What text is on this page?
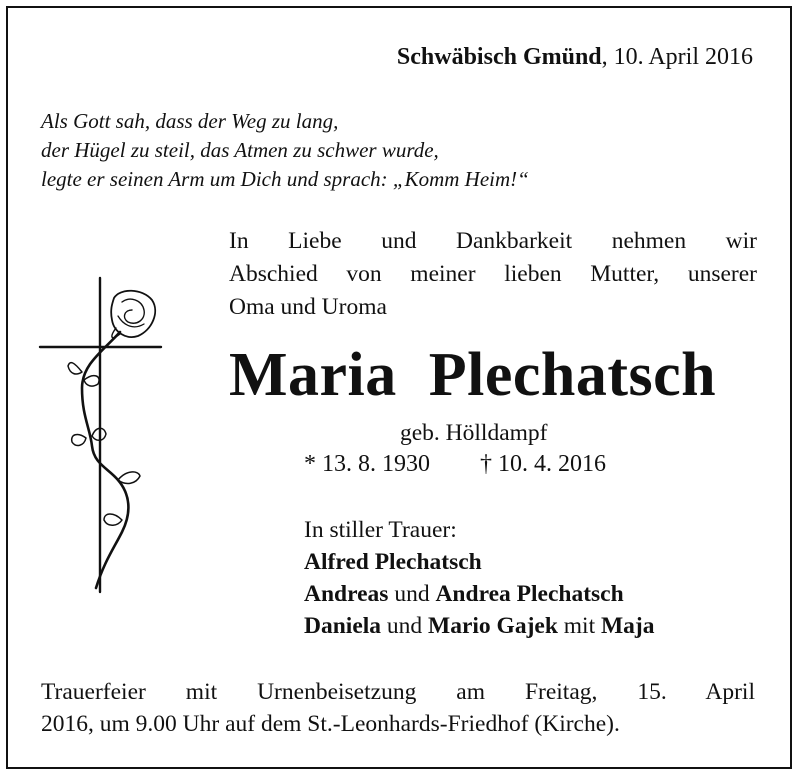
Schwäbisch Gmünd, 10. April 2016
Als Gott sah, dass der Weg zu lang,
der Hügel zu steil, das Atmen zu schwer wurde,
legte er seinen Arm um Dich und sprach: „Komm Heim!“
In Liebe und Dankbarkeit nehmen wir
Abschied von meiner lieben Mutter, unserer
Oma und Uroma
Maria  Plechatsch
geb. Hölldampf
* 13. 8. 1930 † 10. 4. 2016
In stiller Trauer:
Alfred Plechatsch
Andreas und Andrea Plechatsch
Daniela und Mario Gajek mit Maja
Trauerfeier mit Urnenbeisetzung am Freitag, 15. April
2016, um 9.00 Uhr auf dem St.-Leonhards-Friedhof (Kirche).
